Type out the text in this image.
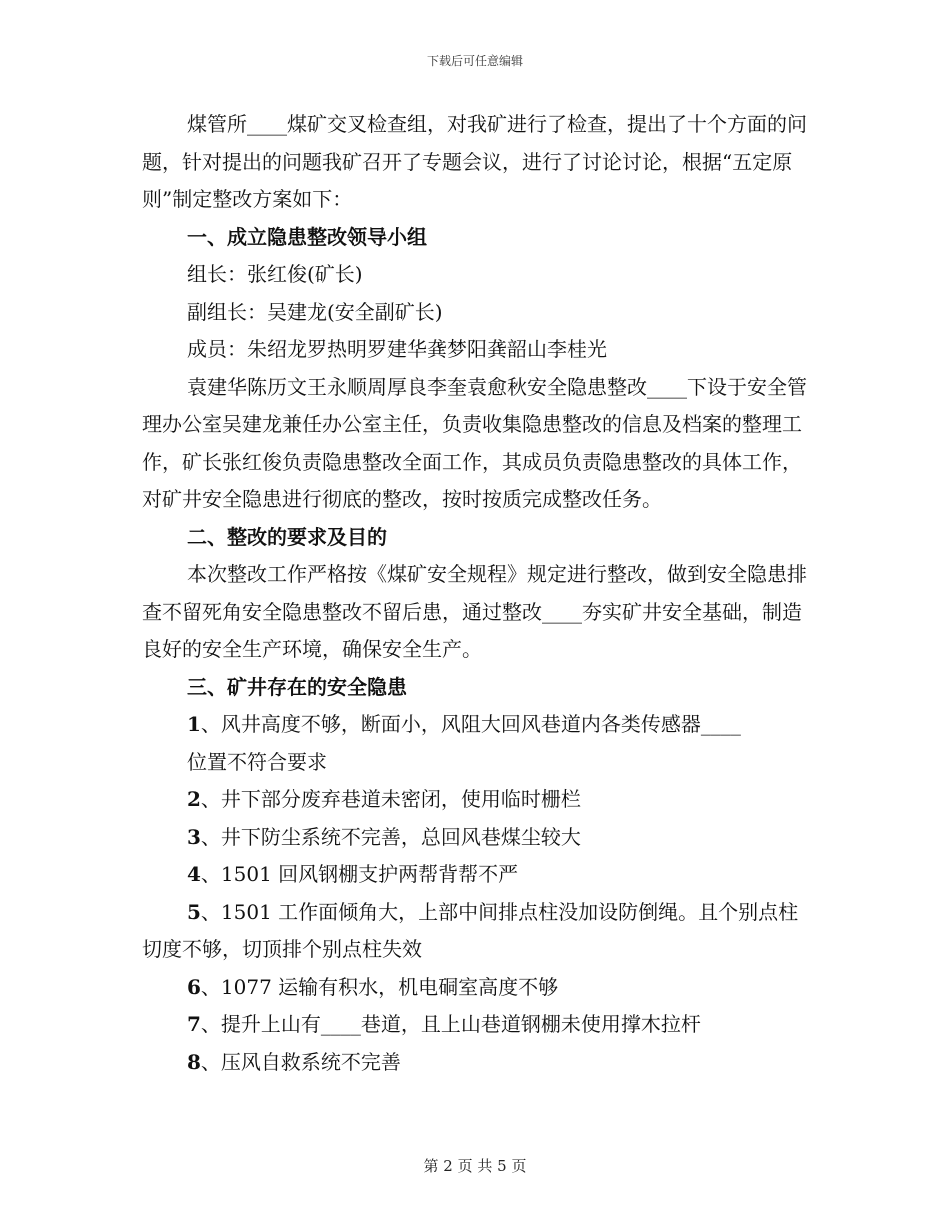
下载后可任意编辑

煤管所____煤矿交叉检查组，对我矿进行了检查，提出了十个方面的问题，针对提出的问题我矿召开了专题会议，进行了讨论讨论，根据“五定原则”制定整改方案如下：

一、成立隐患整改领导小组

组长：张红俊(矿长)

副组长：吴建龙(安全副矿长)

成员：朱绍龙罗热明罗建华龚梦阳龚韶山李桂光

袁建华陈历文王永顺周厚良李奎袁愈秋安全隐患整改____下设于安全管理办公室吴建龙兼任办公室主任，负责收集隐患整改的信息及档案的整理工作，矿长张红俊负责隐患整改全面工作，其成员负责隐患整改的具体工作，对矿井安全隐患进行彻底的整改，按时按质完成整改任务。

二、整改的要求及目的

本次整改工作严格按《煤矿安全规程》规定进行整改，做到安全隐患排查不留死角安全隐患整改不留后患，通过整改____夯实矿井安全基础，制造良好的安全生产环境，确保安全生产。

三、矿井存在的安全隐患

1、风井高度不够，断面小，风阻大回风巷道内各类传感器____

位置不符合要求

2、井下部分废弃巷道未密闭，使用临时栅栏

3、井下防尘系统不完善，总回风巷煤尘较大

4、1501 回风钢棚支护两帮背帮不严

5、1501 工作面倾角大，上部中间排点柱没加设防倒绳。且个别点柱切度不够，切顶排个别点柱失效

6、1077 运输有积水，机电硐室高度不够

7、提升上山有____巷道，且上山巷道钢棚未使用撑木拉杆

8、压风自救系统不完善

第 2 页 共 5 页
